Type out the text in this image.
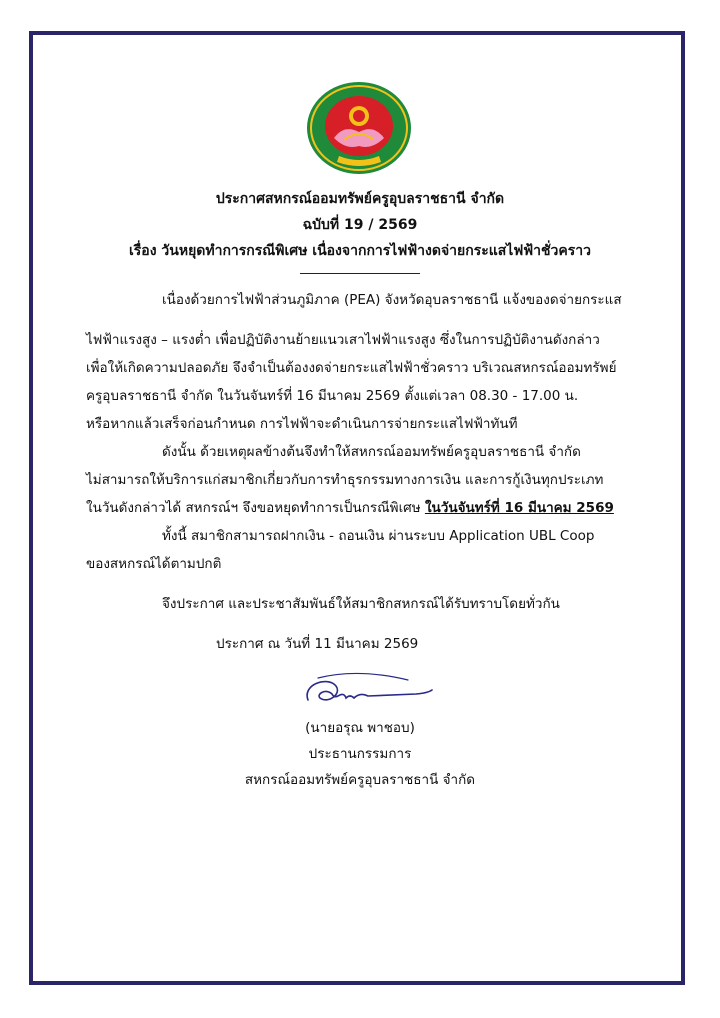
ประกาศสหกรณ์ออมทรัพย์ครูอุบลราชธานี จำกัด
ฉบับที่ 19 / 2569
เรื่อง วันหยุดทำการกรณีพิเศษ เนื่องจากการไฟฟ้างดจ่ายกระแสไฟฟ้าชั่วคราว
เนื่องด้วยการไฟฟ้าส่วนภูมิภาค (PEA) จังหวัดอุบลราชธานี แจ้งของดจ่ายกระแส
ไฟฟ้าแรงสูง – แรงต่ำ เพื่อปฏิบัติงานย้ายแนวเสาไฟฟ้าแรงสูง ซึ่งในการปฏิบัติงานดังกล่าว
เพื่อให้เกิดความปลอดภัย จึงจำเป็นต้องงดจ่ายกระแสไฟฟ้าชั่วคราว บริเวณสหกรณ์ออมทรัพย์
ครูอุบลราชธานี จำกัด ในวันจันทร์ที่ 16 มีนาคม 2569 ตั้งแต่เวลา 08.30 - 17.00 น.
หรือหากแล้วเสร็จก่อนกำหนด การไฟฟ้าจะดำเนินการจ่ายกระแสไฟฟ้าทันที
ดังนั้น ด้วยเหตุผลข้างต้นจึงทำให้สหกรณ์ออมทรัพย์ครูอุบลราชธานี จำกัด
ไม่สามารถให้บริการแก่สมาชิกเกี่ยวกับการทำธุรกรรมทางการเงิน และการกู้เงินทุกประเภท
ในวันดังกล่าวได้ สหกรณ์ฯ จึงขอหยุดทำการเป็นกรณีพิเศษ ในวันจันทร์ที่ 16 มีนาคม 2569
ทั้งนี้ สมาชิกสามารถฝากเงิน - ถอนเงิน ผ่านระบบ Application UBL Coop
ของสหกรณ์ได้ตามปกติ
จึงประกาศ และประชาสัมพันธ์ให้สมาชิกสหกรณ์ได้รับทราบโดยทั่วกัน
ประกาศ ณ วันที่ 11 มีนาคม 2569
(นายอรุณ พาชอบ)
ประธานกรรมการ
สหกรณ์ออมทรัพย์ครูอุบลราชธานี จำกัด
